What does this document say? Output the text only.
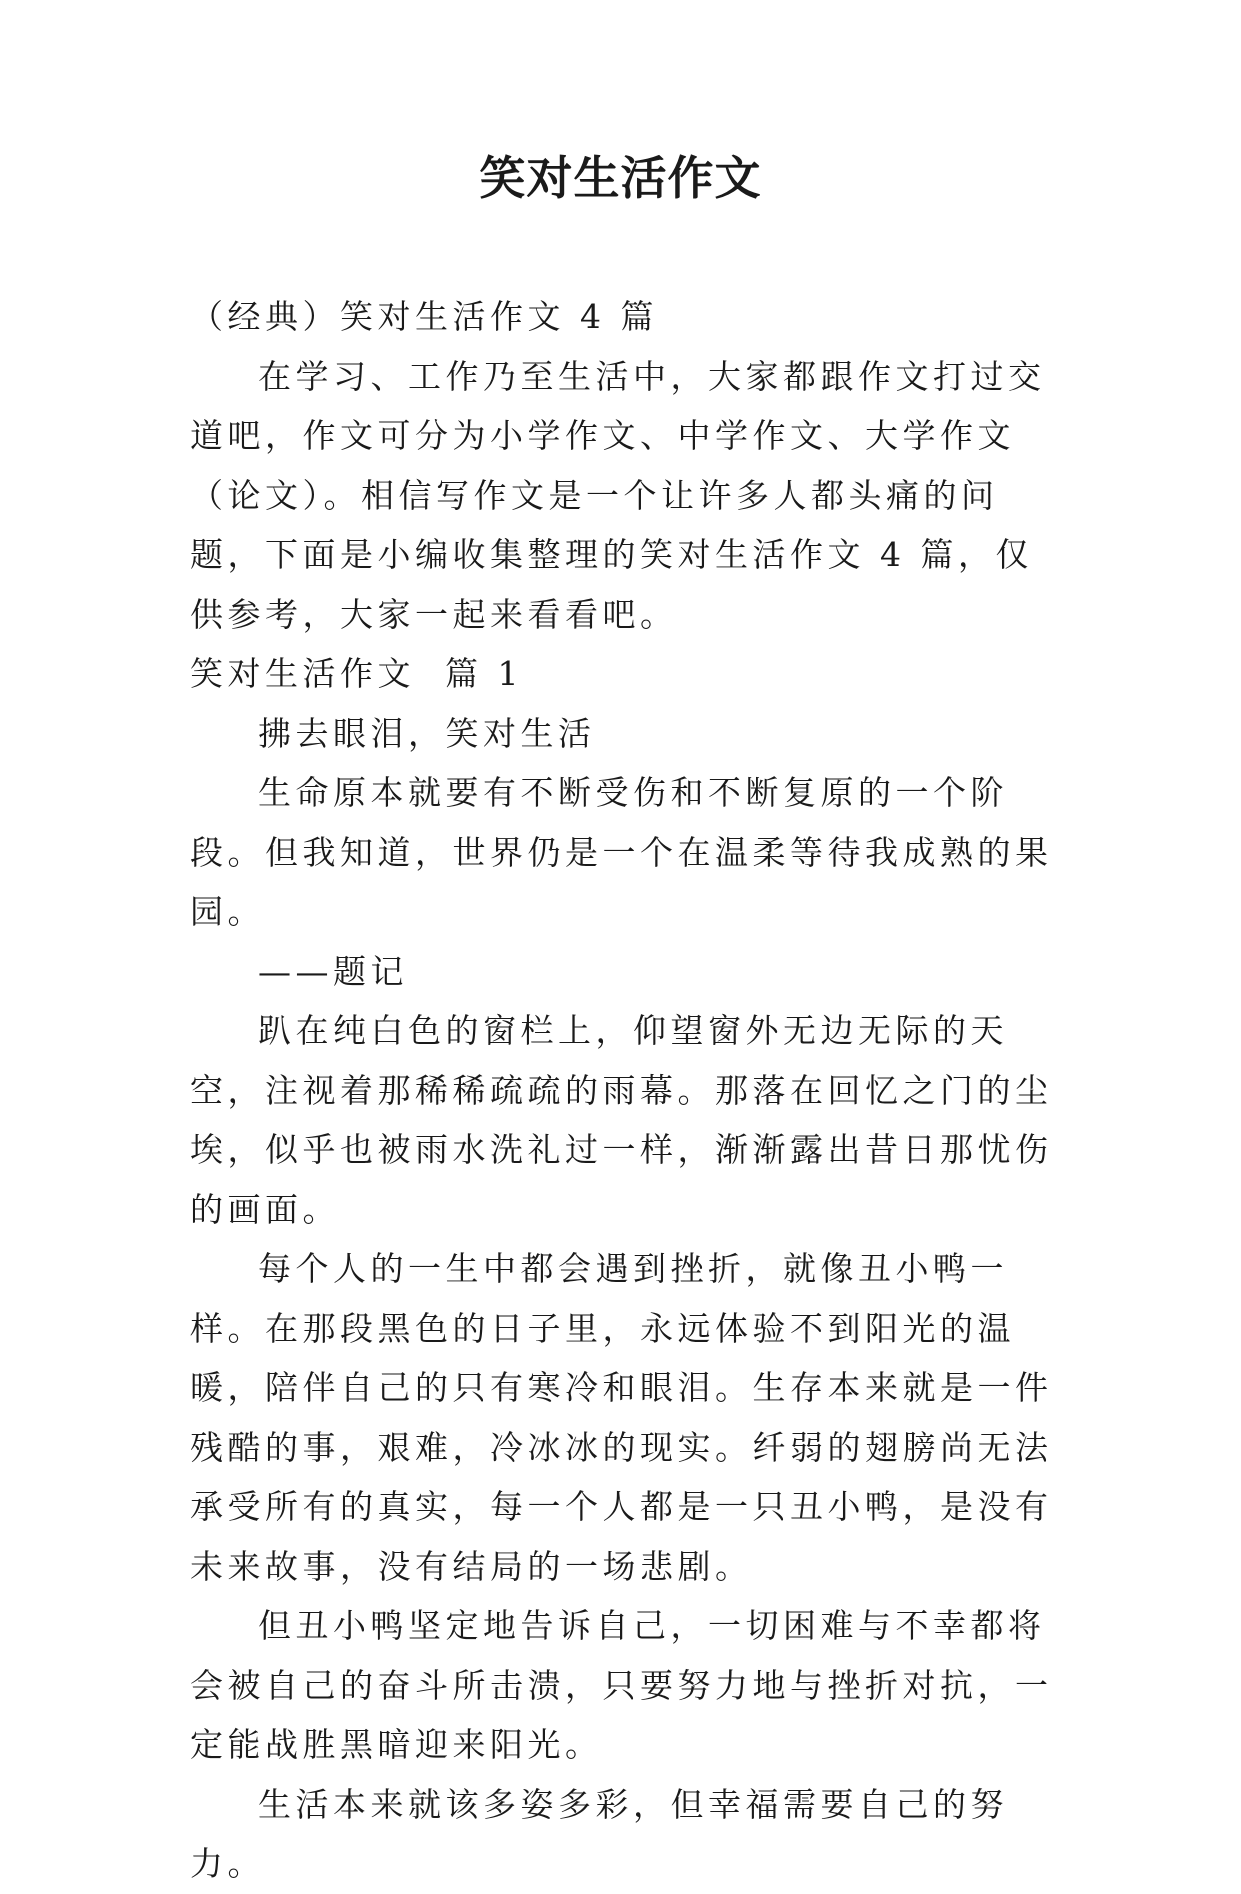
笑对生活作文

（经典）笑对生活作文 4 篇

在学习、工作乃至生活中，大家都跟作文打过交道吧，作文可分为小学作文、中学作文、大学作文（论文）。相信写作文是一个让许多人都头痛的问题，下面是小编收集整理的笑对生活作文 4 篇，仅供参考，大家一起来看看吧。

笑对生活作文  篇 1

拂去眼泪，笑对生活

生命原本就要有不断受伤和不断复原的一个阶段。但我知道，世界仍是一个在温柔等待我成熟的果园。

——题记

趴在纯白色的窗栏上，仰望窗外无边无际的天空，注视着那稀稀疏疏的雨幕。那落在回忆之门的尘埃，似乎也被雨水洗礼过一样，渐渐露出昔日那忧伤的画面。

每个人的一生中都会遇到挫折，就像丑小鸭一样。在那段黑色的日子里，永远体验不到阳光的温暖，陪伴自己的只有寒冷和眼泪。生存本来就是一件残酷的事，艰难，冷冰冰的现实。纤弱的翅膀尚无法承受所有的真实，每一个人都是一只丑小鸭，是没有未来故事，没有结局的一场悲剧。

但丑小鸭坚定地告诉自己，一切困难与不幸都将会被自己的奋斗所击溃，只要努力地与挫折对抗，一定能战胜黑暗迎来阳光。

生活本来就该多姿多彩，但幸福需要自己的努力。
